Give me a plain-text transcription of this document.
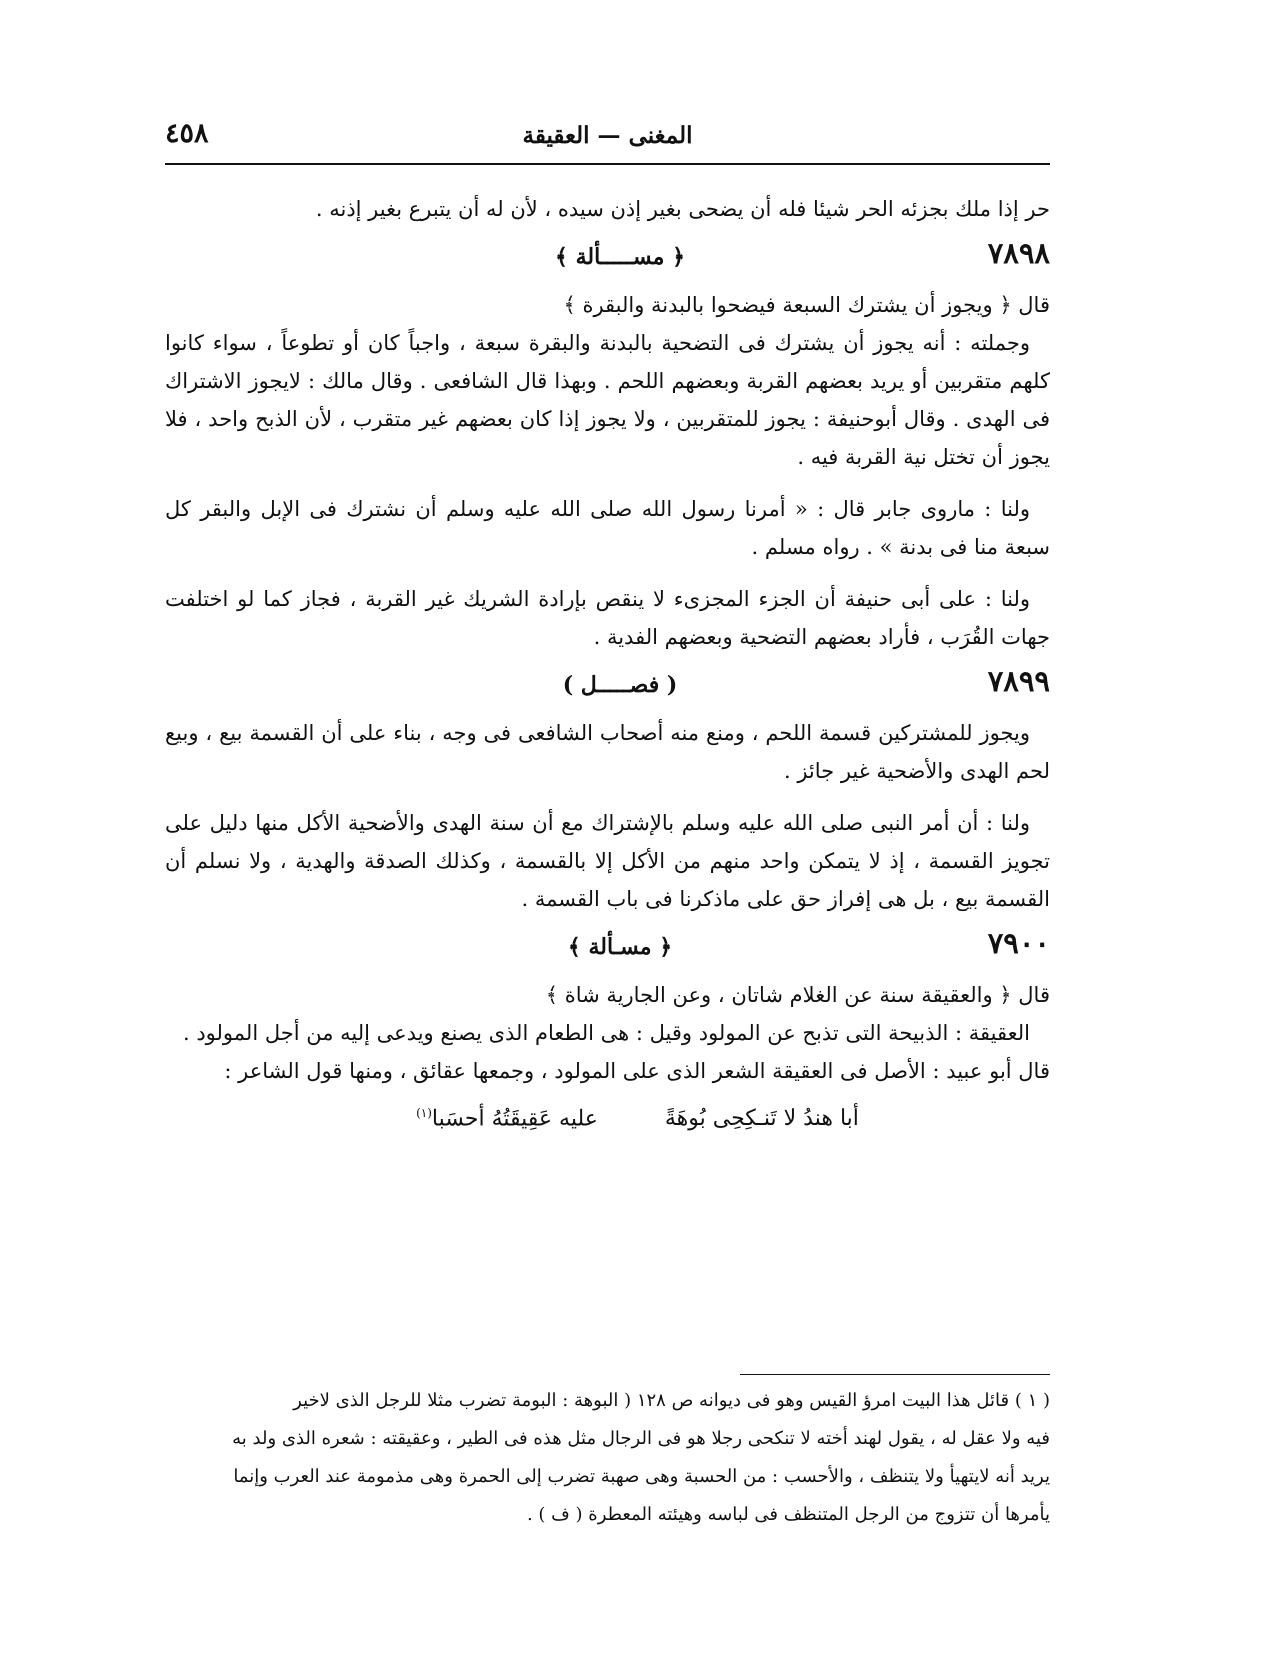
٤٥٨	المغنى — العقيقة

حر إذا ملك بجزئه الحر شيئا فله أن يضحى بغير إذن سيده ، لأن له أن يتبرع بغير إذنه .

٧٨٩٨
﴿ مســـــألة ﴾

قال ﴿ ويجوز أن يشترك السبعة فيضحوا بالبدنة والبقرة ﴾

وجملته : أنه يجوز أن يشترك فى التضحية بالبدنة والبقرة سبعة ، واجباً كان أو تطوعاً ، سواء كانوا كلهم متقربين أو يريد بعضهم القربة وبعضهم اللحم . وبهذا قال الشافعى . وقال مالك : لايجوز الاشتراك فى الهدى . وقال أبوحنيفة : يجوز للمتقربين ، ولا يجوز إذا كان بعضهم غير متقرب ، لأن الذبح واحد ، فلا يجوز أن تختل نية القربة فيه .

ولنا : ماروى جابر قال : « أمرنا رسول الله صلى الله عليه وسلم أن نشترك فى الإبل والبقر كل سبعة منا فى بدنة » . رواه مسلم .

ولنا : على أبى حنيفة أن الجزء المجزىء لا ينقص بإرادة الشريك غير القربة ، فجاز كما لو اختلفت جهات القُرَب ، فأراد بعضهم التضحية وبعضهم الفدية .

٧٨٩٩
( فصـــــل )

ويجوز للمشتركين قسمة اللحم ، ومنع منه أصحاب الشافعى فى وجه ، بناء على أن القسمة بيع ، وبيع لحم الهدى والأضحية غير جائز .

ولنا : أن أمر النبى صلى الله عليه وسلم بالإشتراك مع أن سنة الهدى والأضحية الأكل منها دليل على تجويز القسمة ، إذ لا يتمكن واحد منهم من الأكل إلا بالقسمة ، وكذلك الصدقة والهدية ، ولا نسلم أن القسمة بيع ، بل هى إفراز حق على ماذكرنا فى باب القسمة .

٧٩٠٠
﴿ مسـألة ﴾

قال ﴿ والعقيقة سنة عن الغلام شاتان ، وعن الجارية شاة ﴾

العقيقة : الذبيحة التى تذبح عن المولود وقيل : هى الطعام الذى يصنع ويدعى إليه من أجل المولود .

قال أبو عبيد : الأصل فى العقيقة الشعر الذى على المولود ، وجمعها عقائق ، ومنها قول الشاعر :

أبا هندُ لا تَنـكِحِى بُوهَةً عليه عَقِيقَتُهُ أحسَبا$^{(١)}$

( ١ ) قائل هذا البيت امرؤ القيس وهو فى ديوانه ص ١٢٨ ( البوهة : البومة تضرب مثلا للرجل الذى لاخير

فيه ولا عقل له ، يقول لهند أخته لا تنكحى رجلا هو فى الرجال مثل هذه فى الطير ، وعقيقته : شعره الذى ولد به

يريد أنه لايتهيأ ولا يتنظف ، والأحسب : من الحسبة وهى صهبة تضرب إلى الحمرة وهى مذمومة عند العرب وإنما

يأمرها أن تتزوج من الرجل المتنظف فى لباسه وهيئته المعطرة ( ف ) .
